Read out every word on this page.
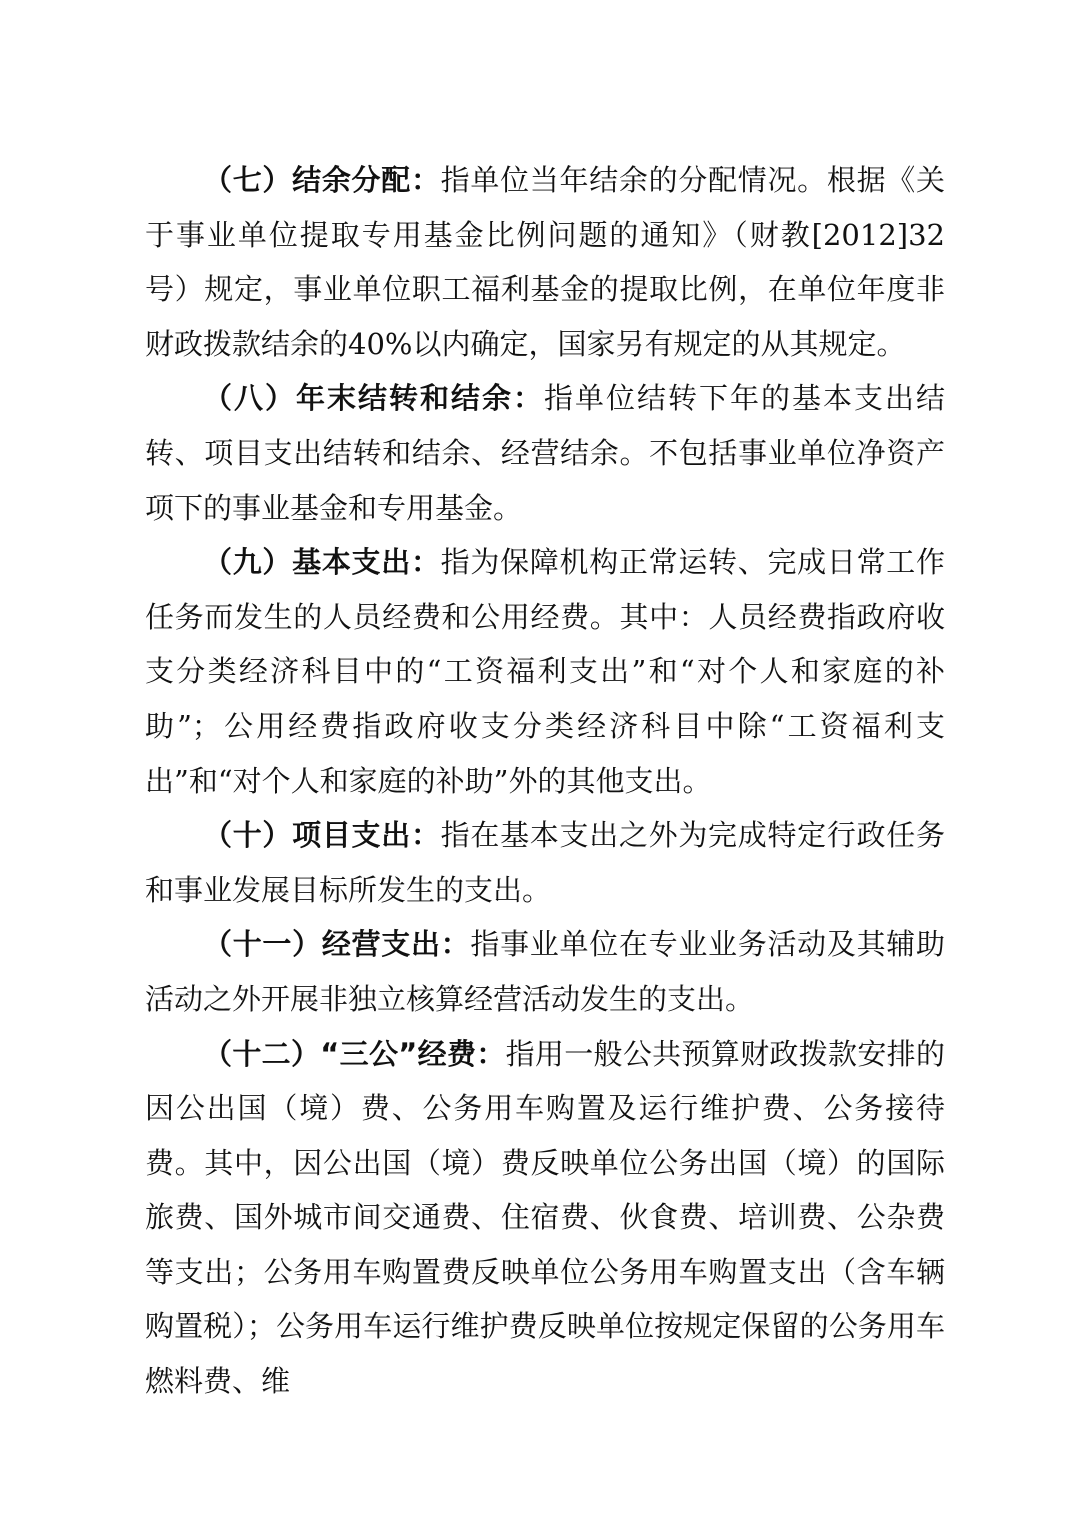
（七）结余分配：指单位当年结余的分配情况。根据《关于事业单位提取专用基金比例问题的通知》（财教[2012]32号）规定，事业单位职工福利基金的提取比例，在单位年度非财政拨款结余的40%以内确定，国家另有规定的从其规定。

（八）年末结转和结余：指单位结转下年的基本支出结转、项目支出结转和结余、经营结余。不包括事业单位净资产项下的事业基金和专用基金。

（九）基本支出：指为保障机构正常运转、完成日常工作任务而发生的人员经费和公用经费。其中：人员经费指政府收支分类经济科目中的“工资福利支出”和“对个人和家庭的补助”；公用经费指政府收支分类经济科目中除“工资福利支出”和“对个人和家庭的补助”外的其他支出。

（十）项目支出：指在基本支出之外为完成特定行政任务和事业发展目标所发生的支出。

（十一）经营支出：指事业单位在专业业务活动及其辅助活动之外开展非独立核算经营活动发生的支出。

（十二）“三公”经费：指用一般公共预算财政拨款安排的因公出国（境）费、公务用车购置及运行维护费、公务接待费。其中，因公出国（境）费反映单位公务出国（境）的国际旅费、国外城市间交通费、住宿费、伙食费、培训费、公杂费等支出；公务用车购置费反映单位公务用车购置支出（含车辆购置税）；公务用车运行维护费反映单位按规定保留的公务用车燃料费、维
